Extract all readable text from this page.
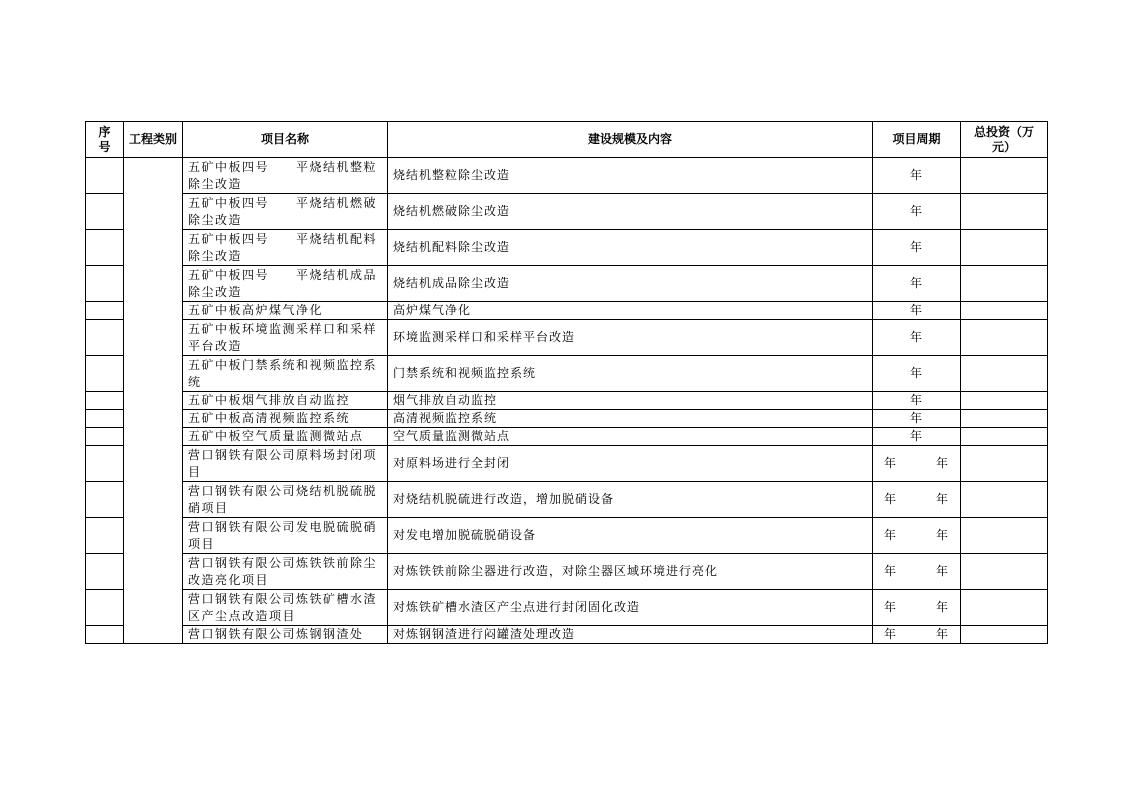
序号	工程类别	项目名称	建设规模及内容	项目周期	总投资（万元）
		五矿中板四号　　平烧结机整粒除尘改造	烧结机整粒除尘改造	年	
		五矿中板四号　　平烧结机燃破除尘改造	烧结机燃破除尘改造	年	
		五矿中板四号　　平烧结机配料除尘改造	烧结机配料除尘改造	年	
		五矿中板四号　　平烧结机成品除尘改造	烧结机成品除尘改造	年	
		五矿中板高炉煤气净化	高炉煤气净化	年	
		五矿中板环境监测采样口和采样平台改造	环境监测采样口和采样平台改造	年	
		五矿中板门禁系统和视频监控系统	门禁系统和视频监控系统	年	
		五矿中板烟气排放自动监控	烟气排放自动监控	年	
		五矿中板高清视频监控系统	高清视频监控系统	年	
		五矿中板空气质量监测微站点	空气质量监测微站点	年	
		营口钢铁有限公司原料场封闭项目	对原料场进行全封闭	年　　　年	
		营口钢铁有限公司烧结机脱硫脱硝项目	对烧结机脱硫进行改造，增加脱硝设备	年　　　年	
		营口钢铁有限公司发电脱硫脱硝项目	对发电增加脱硫脱硝设备	年　　　年	
		营口钢铁有限公司炼铁铁前除尘改造亮化项目	对炼铁铁前除尘器进行改造，对除尘器区域环境进行亮化	年　　　年	
		营口钢铁有限公司炼铁矿槽水渣区产尘点改造项目	对炼铁矿槽水渣区产尘点进行封闭固化改造	年　　　年	
		营口钢铁有限公司炼钢钢渣处	对炼钢钢渣进行闷罐渣处理改造	年　　　年	
